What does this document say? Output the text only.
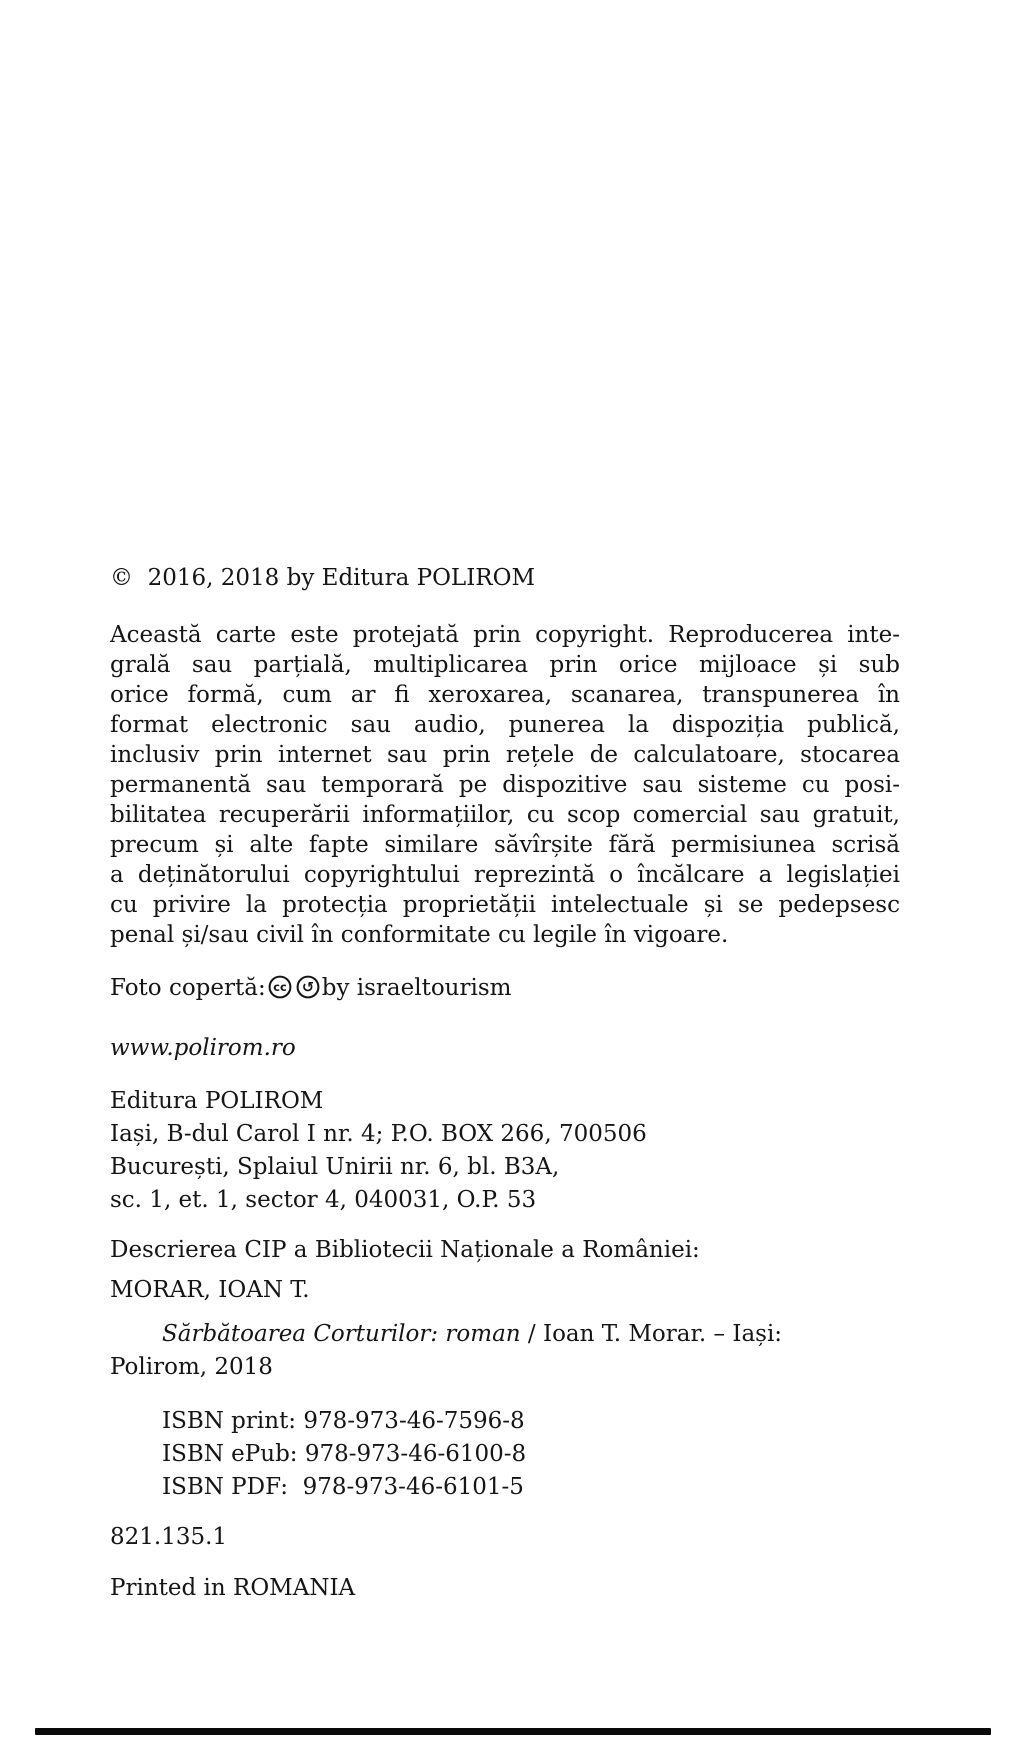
©  2016, 2018 by Editura POLIROM
Această carte este protejată prin copyright. Reproducerea inte-
grală sau parțială, multiplicarea prin orice mijloace și sub
orice formă, cum ar fi xeroxarea, scanarea, transpunerea în
format electronic sau audio, punerea la dispoziția publică,
inclusiv prin internet sau prin rețele de calculatoare, stocarea
permanentă sau temporară pe dispozitive sau sisteme cu posi-
bilitatea recuperării informațiilor, cu scop comercial sau gratuit,
precum și alte fapte similare săvîrșite fără permisiunea scrisă
a deținătorului copyrightului reprezintă o încălcare a legislației
cu privire la protecția proprietății intelectuale și se pedepsesc
penal și/sau civil în conformitate cu legile în vigoare.
Foto copertă: cc ↺ by israeltourism
www.polirom.ro
Editura POLIROM
Iași, B-dul Carol I nr. 4; P.O. BOX 266, 700506
București, Splaiul Unirii nr. 6, bl. B3A,
sc. 1, et. 1, sector 4, 040031, O.P. 53
Descrierea CIP a Bibliotecii Naționale a României:
MORAR, IOAN T.
Sărbătoarea Corturilor: roman / Ioan T. Morar. – Iași:
Polirom, 2018
ISBN print: 978-973-46-7596-8
ISBN ePub: 978-973-46-6100-8
ISBN PDF:  978-973-46-6101-5
821.135.1
Printed in ROMANIA
